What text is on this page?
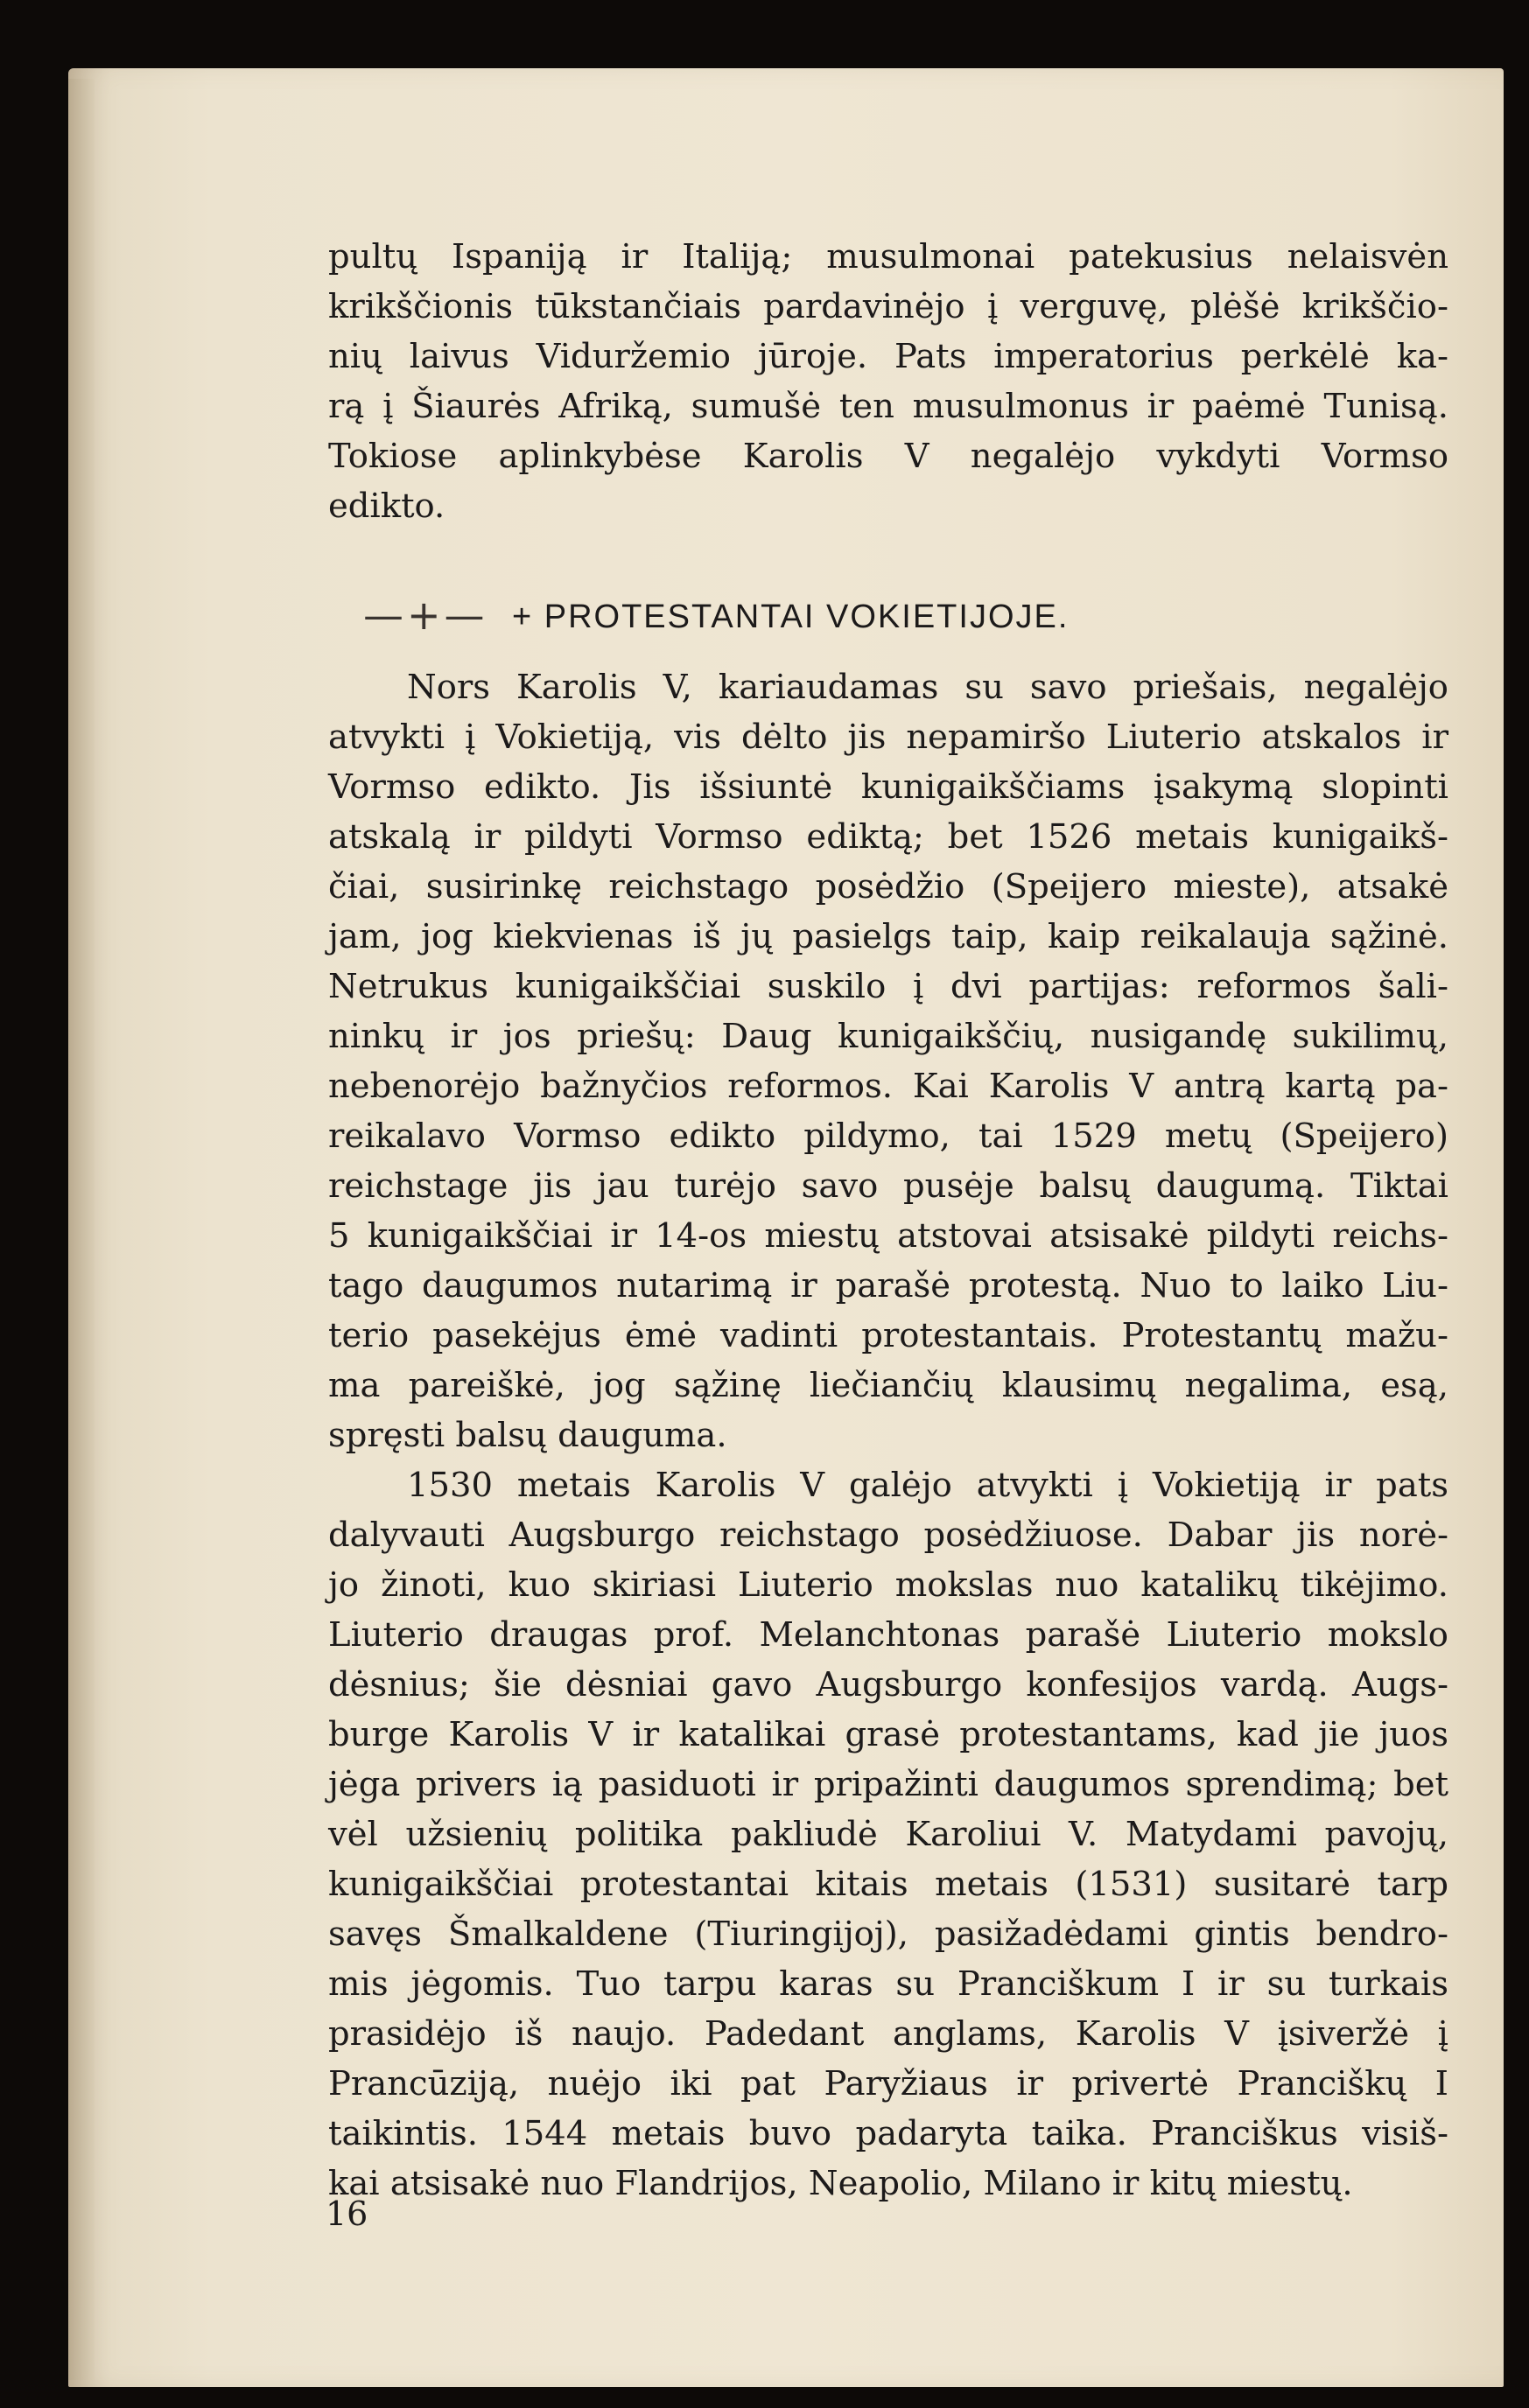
pultų Ispaniją ir Italiją; musulmonai patekusius nelaisvėn

krikščionis tūkstančiais pardavinėjo į verguvę, plėšė krikščio-

nių laivus Viduržemio jūroje. Pats imperatorius perkėlė ka-

rą į Šiaurės Afriką, sumušė ten musulmonus ir paėmė Tunisą.

Tokiose aplinkybėse Karolis V negalėjo vykdyti Vormso

edikto.

—+— + PROTESTANTAI VOKIETIJOJE.

Nors Karolis V, kariaudamas su savo priešais, negalėjo

atvykti į Vokietiją, vis dėlto jis nepamiršo Liuterio atskalos ir

Vormso edikto. Jis išsiuntė kunigaikščiams įsakymą slopinti

atskalą ir pildyti Vormso ediktą; bet 1526 metais kunigaikš-

čiai, susirinkę reichstago posėdžio (Speijero mieste), atsakė

jam, jog kiekvienas iš jų pasielgs taip, kaip reikalauja sąžinė.

Netrukus kunigaikščiai suskilo į dvi partijas: reformos šali-

ninkų ir jos priešų: Daug kunigaikščių, nusigandę sukilimų,

nebenorėjo bažnyčios reformos. Kai Karolis V antrą kartą pa-

reikalavo Vormso edikto pildymo, tai 1529 metų (Speijero)

reichstage jis jau turėjo savo pusėje balsų daugumą. Tiktai

5 kunigaikščiai ir 14-os miestų atstovai atsisakė pildyti reichs-

tago daugumos nutarimą ir parašė protestą. Nuo to laiko Liu-

terio pasekėjus ėmė vadinti protestantais. Protestantų mažu-

ma pareiškė, jog sąžinę liečiančių klausimų negalima, esą,

spręsti balsų dauguma.

1530 metais Karolis V galėjo atvykti į Vokietiją ir pats

dalyvauti Augsburgo reichstago posėdžiuose. Dabar jis norė-

jo žinoti, kuo skiriasi Liuterio mokslas nuo katalikų tikėjimo.

Liuterio draugas prof. Melanchtonas parašė Liuterio mokslo

dėsnius; šie dėsniai gavo Augsburgo konfesijos vardą. Augs-

burge Karolis V ir katalikai grasė protestantams, kad jie juos

jėga privers ią pasiduoti ir pripažinti daugumos sprendimą; bet

vėl užsienių politika pakliudė Karoliui V. Matydami pavojų,

kunigaikščiai protestantai kitais metais (1531) susitarė tarp

savęs Šmalkaldene (Tiuringijoj), pasižadėdami gintis bendro-

mis jėgomis. Tuo tarpu karas su Pranciškum I ir su turkais

prasidėjo iš naujo. Padedant anglams, Karolis V įsiveržė į

Prancūziją, nuėjo iki pat Paryžiaus ir privertė Pranciškų I

taikintis. 1544 metais buvo padaryta taika. Pranciškus visiš-

kai atsisakė nuo Flandrijos, Neapolio, Milano ir kitų miestų.

16
